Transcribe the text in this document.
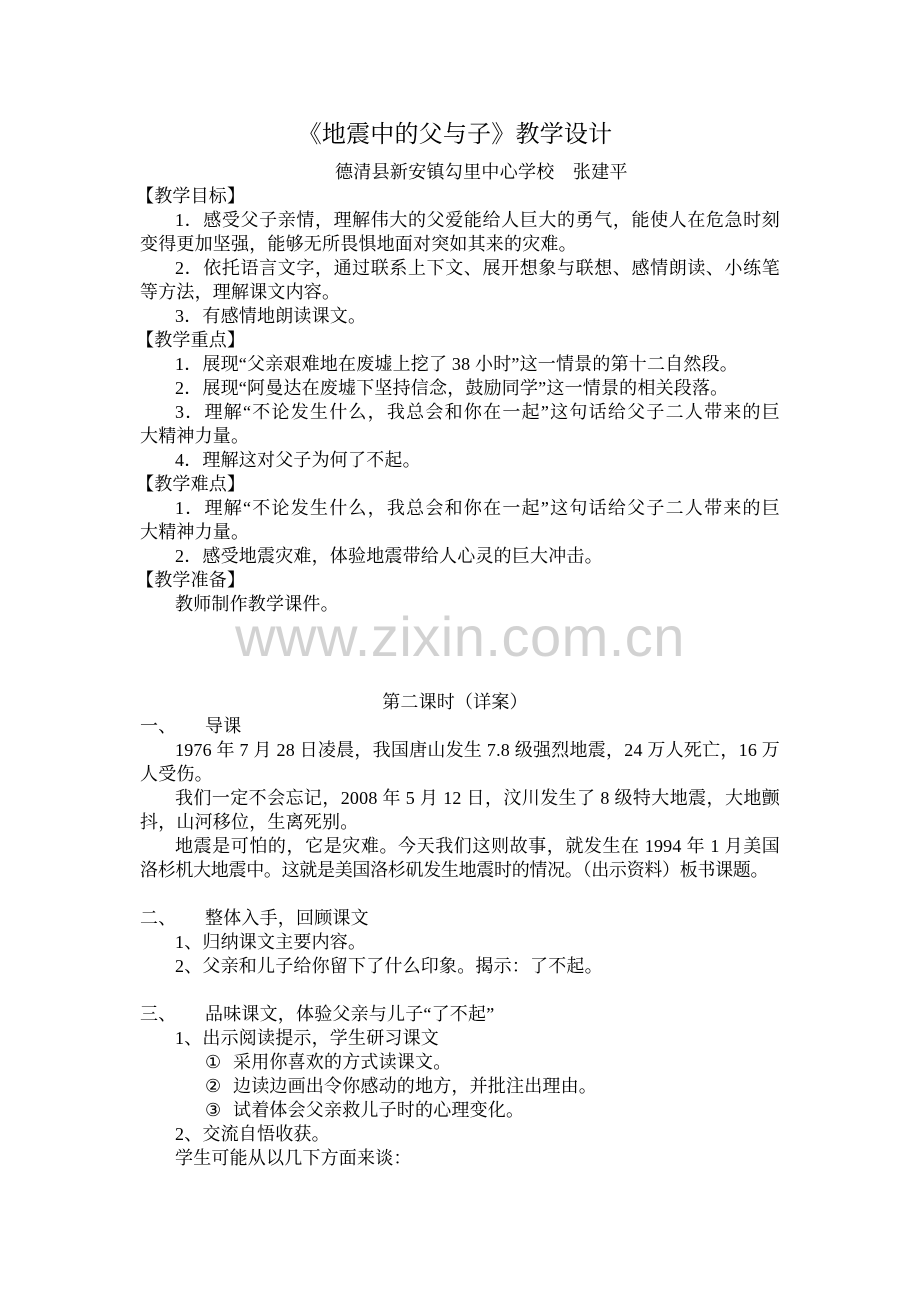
www.zixin.com.cn
《地震中的父与子》教学设计
德清县新安镇勾里中心学校　张建平
【教学目标】
1．感受父子亲情，理解伟大的父爱能给人巨大的勇气，能使人在危急时刻
变得更加坚强，能够无所畏惧地面对突如其来的灾难。
2．依托语言文字，通过联系上下文、展开想象与联想、感情朗读、小练笔
等方法，理解课文内容。
3．有感情地朗读课文。
【教学重点】
1．展现“父亲艰难地在废墟上挖了 38 小时”这一情景的第十二自然段。
2．展现“阿曼达在废墟下坚持信念，鼓励同学”这一情景的相关段落。
3．理解“不论发生什么，我总会和你在一起”这句话给父子二人带来的巨
大精神力量。
4．理解这对父子为何了不起。
【教学难点】
1．理解“不论发生什么，我总会和你在一起”这句话给父子二人带来的巨
大精神力量。
2．感受地震灾难，体验地震带给人心灵的巨大冲击。
【教学准备】
教师制作教学课件。
第二课时（详案）
一、 导课
1976 年 7 月 28 日凌晨，我国唐山发生 7.8 级强烈地震，24 万人死亡，16 万
人受伤。
我们一定不会忘记，2008 年 5 月 12 日，汶川发生了 8 级特大地震，大地颤
抖，山河移位，生离死别。
地震是可怕的，它是灾难。今天我们这则故事，就发生在 1994 年 1 月美国
洛杉机大地震中。这就是美国洛杉矶发生地震时的情况。（出示资料）板书课题。
二、 整体入手，回顾课文
1、归纳课文主要内容。
2、父亲和儿子给你留下了什么印象。揭示：了不起。
三、 品味课文，体验父亲与儿子“了不起”
1、出示阅读提示，学生研习课文
① 采用你喜欢的方式读课文。
② 边读边画出令你感动的地方，并批注出理由。
③ 试着体会父亲救儿子时的心理变化。
2、交流自悟收获。
学生可能从以几下方面来谈：
